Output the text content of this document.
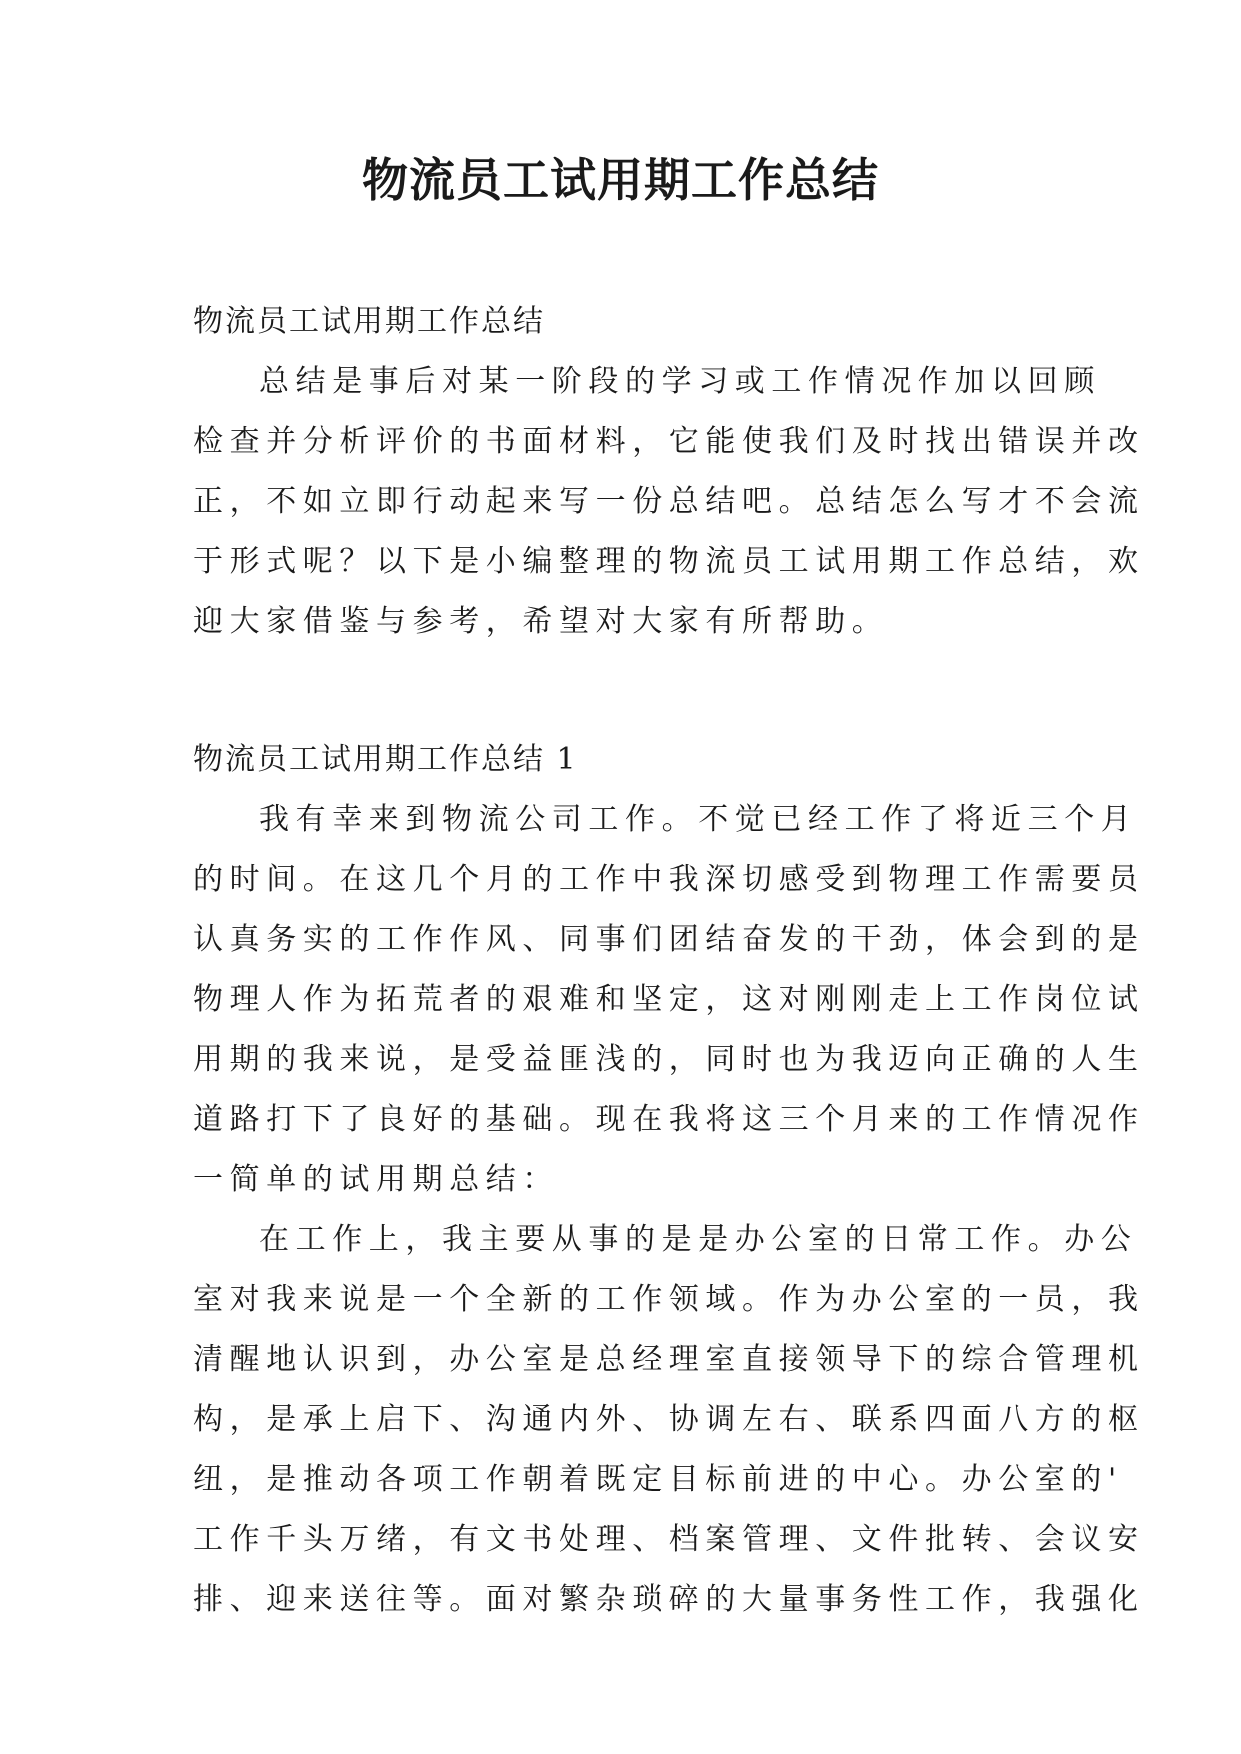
物流员工试用期工作总结
物流员工试用期工作总结
总结是事后对某一阶段的学习或工作情况作加以回顾
检查并分析评价的书面材料，它能使我们及时找出错误并改
正，不如立即行动起来写一份总结吧。总结怎么写才不会流
于形式呢？以下是小编整理的物流员工试用期工作总结，欢
迎大家借鉴与参考，希望对大家有所帮助。
物流员工试用期工作总结 1
我有幸来到物流公司工作。不觉已经工作了将近三个月
的时间。在这几个月的工作中我深切感受到物理工作需要员
认真务实的工作作风、同事们团结奋发的干劲，体会到的是
物理人作为拓荒者的艰难和坚定，这对刚刚走上工作岗位试
用期的我来说，是受益匪浅的，同时也为我迈向正确的人生
道路打下了良好的基础。现在我将这三个月来的工作情况作
一简单的试用期总结：
在工作上，我主要从事的是是办公室的日常工作。办公
室对我来说是一个全新的工作领域。作为办公室的一员，我
清醒地认识到，办公室是总经理室直接领导下的综合管理机
构，是承上启下、沟通内外、协调左右、联系四面八方的枢
纽，是推动各项工作朝着既定目标前进的中心。办公室的'
工作千头万绪，有文书处理、档案管理、文件批转、会议安
排、迎来送往等。面对繁杂琐碎的大量事务性工作，我强化
